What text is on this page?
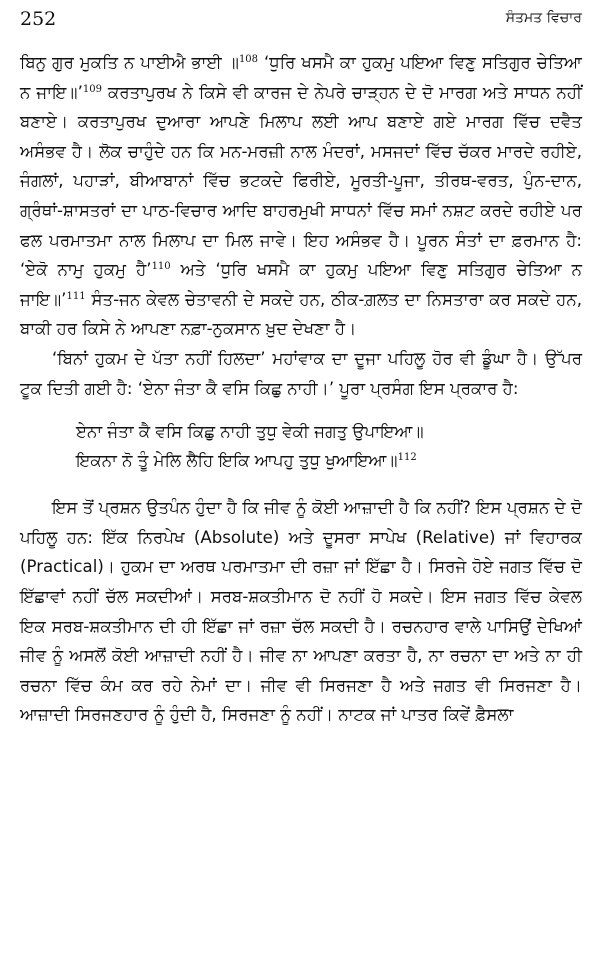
252	ਸੰਤਮਤ ਵਿਚਾਰ

ਬਿਨੁ ਗੁਰ ਮੁਕਤਿ ਨ ਪਾਈਐ ਭਾਈ ॥$^{108}$ ‘ਧੁਰਿ ਖਸਮੈ ਕਾ ਹੁਕਮੁ ਪਇਆ ਵਿਣੁ ਸਤਿਗੁਰ ਚੇਤਿਆ ਨ ਜਾਇ॥’$^{109}$ ਕਰਤਾਪੁਰਖ ਨੇ ਕਿਸੇ ਵੀ ਕਾਰਜ ਦੇ ਨੇਪਰੇ ਚਾੜ੍ਹਨ ਦੇ ਦੋ ਮਾਰਗ ਅਤੇ ਸਾਧਨ ਨਹੀਂ ਬਣਾਏ। ਕਰਤਾਪੁਰਖ ਦੁਆਰਾ ਆਪਣੇ ਮਿਲਾਪ ਲਈ ਆਪ ਬਣਾਏ ਗਏ ਮਾਰਗ ਵਿੱਚ ਦਵੈਤ ਅਸੰਭਵ ਹੈ। ਲੋਕ ਚਾਹੁੰਦੇ ਹਨ ਕਿ ਮਨ-ਮਰਜ਼ੀ ਨਾਲ ਮੰਦਰਾਂ, ਮਸਜਦਾਂ ਵਿੱਚ ਚੱਕਰ ਮਾਰਦੇ ਰਹੀਏ, ਜੰਗਲਾਂ, ਪਹਾੜਾਂ, ਬੀਆਬਾਨਾਂ ਵਿੱਚ ਭਟਕਦੇ ਫਿਰੀਏ, ਮੂਰਤੀ-ਪੂਜਾ, ਤੀਰਥ-ਵਰਤ, ਪੁੰਨ-ਦਾਨ, ਗ੍ਰੰਥਾਂ-ਸ਼ਾਸਤਰਾਂ ਦਾ ਪਾਠ-ਵਿਚਾਰ ਆਦਿ ਬਾਹਰਮੁਖੀ ਸਾਧਨਾਂ ਵਿੱਚ ਸਮਾਂ ਨਸ਼ਟ ਕਰਦੇ ਰਹੀਏ ਪਰ ਫਲ ਪਰਮਾਤਮਾ ਨਾਲ ਮਿਲਾਪ ਦਾ ਮਿਲ ਜਾਵੇ। ਇਹ ਅਸੰਭਵ ਹੈ। ਪੂਰਨ ਸੰਤਾਂ ਦਾ ਫ਼ਰਮਾਨ ਹੈ: ‘ਏਕੋ ਨਾਮੁ ਹੁਕਮੁ ਹੈ’$^{110}$ ਅਤੇ ‘ਧੁਰਿ ਖਸਮੈ ਕਾ ਹੁਕਮੁ ਪਇਆ ਵਿਣੁ ਸਤਿਗੁਰ ਚੇਤਿਆ ਨ ਜਾਇ॥’$^{111}$ ਸੰਤ-ਜਨ ਕੇਵਲ ਚੇਤਾਵਨੀ ਦੇ ਸਕਦੇ ਹਨ, ਠੀਕ-ਗ਼ਲਤ ਦਾ ਨਿਸਤਾਰਾ ਕਰ ਸਕਦੇ ਹਨ, ਬਾਕੀ ਹਰ ਕਿਸੇ ਨੇ ਆਪਣਾ ਨਫ਼ਾ-ਨੁਕਸਾਨ ਖ਼ੁਦ ਦੇਖਣਾ ਹੈ।

‘ਬਿਨਾਂ ਹੁਕਮ ਦੇ ਪੱਤਾ ਨਹੀਂ ਹਿਲਦਾ’ ਮਹਾਂਵਾਕ ਦਾ ਦੂਜਾ ਪਹਿਲੂ ਹੋਰ ਵੀ ਡੂੰਘਾ ਹੈ। ਉੱਪਰ ਟੂਕ ਦਿਤੀ ਗਈ ਹੈ: ‘ਏਨਾ ਜੰਤਾ ਕੈ ਵਸਿ ਕਿਛੁ ਨਾਹੀ।’ ਪੂਰਾ ਪ੍ਰਸੰਗ ਇਸ ਪ੍ਰਕਾਰ ਹੈ:

ਏਨਾ ਜੰਤਾ ਕੈ ਵਸਿ ਕਿਛੁ ਨਾਹੀ ਤੁਧੁ ਵੇਕੀ ਜਗਤੁ ਉਪਾਇਆ॥
ਇਕਨਾ ਨੋ ਤੂੰ ਮੇਲਿ ਲੈਹਿ ਇਕਿ ਆਪਹੁ ਤੁਧੁ ਖੁਆਇਆ॥$^{112}$

ਇਸ ਤੋਂ ਪ੍ਰਸ਼ਨ ਉਤਪੰਨ ਹੁੰਦਾ ਹੈ ਕਿ ਜੀਵ ਨੂੰ ਕੋਈ ਆਜ਼ਾਦੀ ਹੈ ਕਿ ਨਹੀਂ? ਇਸ ਪ੍ਰਸ਼ਨ ਦੇ ਦੋ ਪਹਿਲੂ ਹਨ: ਇੱਕ ਨਿਰਪੇਖ (Absolute) ਅਤੇ ਦੂਸਰਾ ਸਾਪੇਖ (Relative) ਜਾਂ ਵਿਹਾਰਕ (Practical)। ਹੁਕਮ ਦਾ ਅਰਥ ਪਰਮਾਤਮਾ ਦੀ ਰਜ਼ਾ ਜਾਂ ਇੱਛਾ ਹੈ। ਸਿਰਜੇ ਹੋਏ ਜਗਤ ਵਿੱਚ ਦੋ ਇੱਛਾਵਾਂ ਨਹੀਂ ਚੱਲ ਸਕਦੀਆਂ। ਸਰਬ-ਸ਼ਕਤੀਮਾਨ ਦੋ ਨਹੀਂ ਹੋ ਸਕਦੇ। ਇਸ ਜਗਤ ਵਿੱਚ ਕੇਵਲ ਇਕ ਸਰਬ-ਸ਼ਕਤੀਮਾਨ ਦੀ ਹੀ ਇੱਛਾ ਜਾਂ ਰਜ਼ਾ ਚੱਲ ਸਕਦੀ ਹੈ। ਰਚਨਹਾਰ ਵਾਲੇ ਪਾਸਿਉਂ ਦੇਖਿਆਂ ਜੀਵ ਨੂੰ ਅਸਲੋਂ ਕੋਈ ਆਜ਼ਾਦੀ ਨਹੀਂ ਹੈ। ਜੀਵ ਨਾ ਆਪਣਾ ਕਰਤਾ ਹੈ, ਨਾ ਰਚਨਾ ਦਾ ਅਤੇ ਨਾ ਹੀ ਰਚਨਾ ਵਿੱਚ ਕੰਮ ਕਰ ਰਹੇ ਨੇਮਾਂ ਦਾ। ਜੀਵ ਵੀ ਸਿਰਜਣਾ ਹੈ ਅਤੇ ਜਗਤ ਵੀ ਸਿਰਜਣਾ ਹੈ। ਆਜ਼ਾਦੀ ਸਿਰਜਣਹਾਰ ਨੂੰ ਹੁੰਦੀ ਹੈ, ਸਿਰਜਣਾ ਨੂੰ ਨਹੀਂ। ਨਾਟਕ ਜਾਂ ਪਾਤਰ ਕਿਵੇਂ ਫ਼ੈਸਲਾ
